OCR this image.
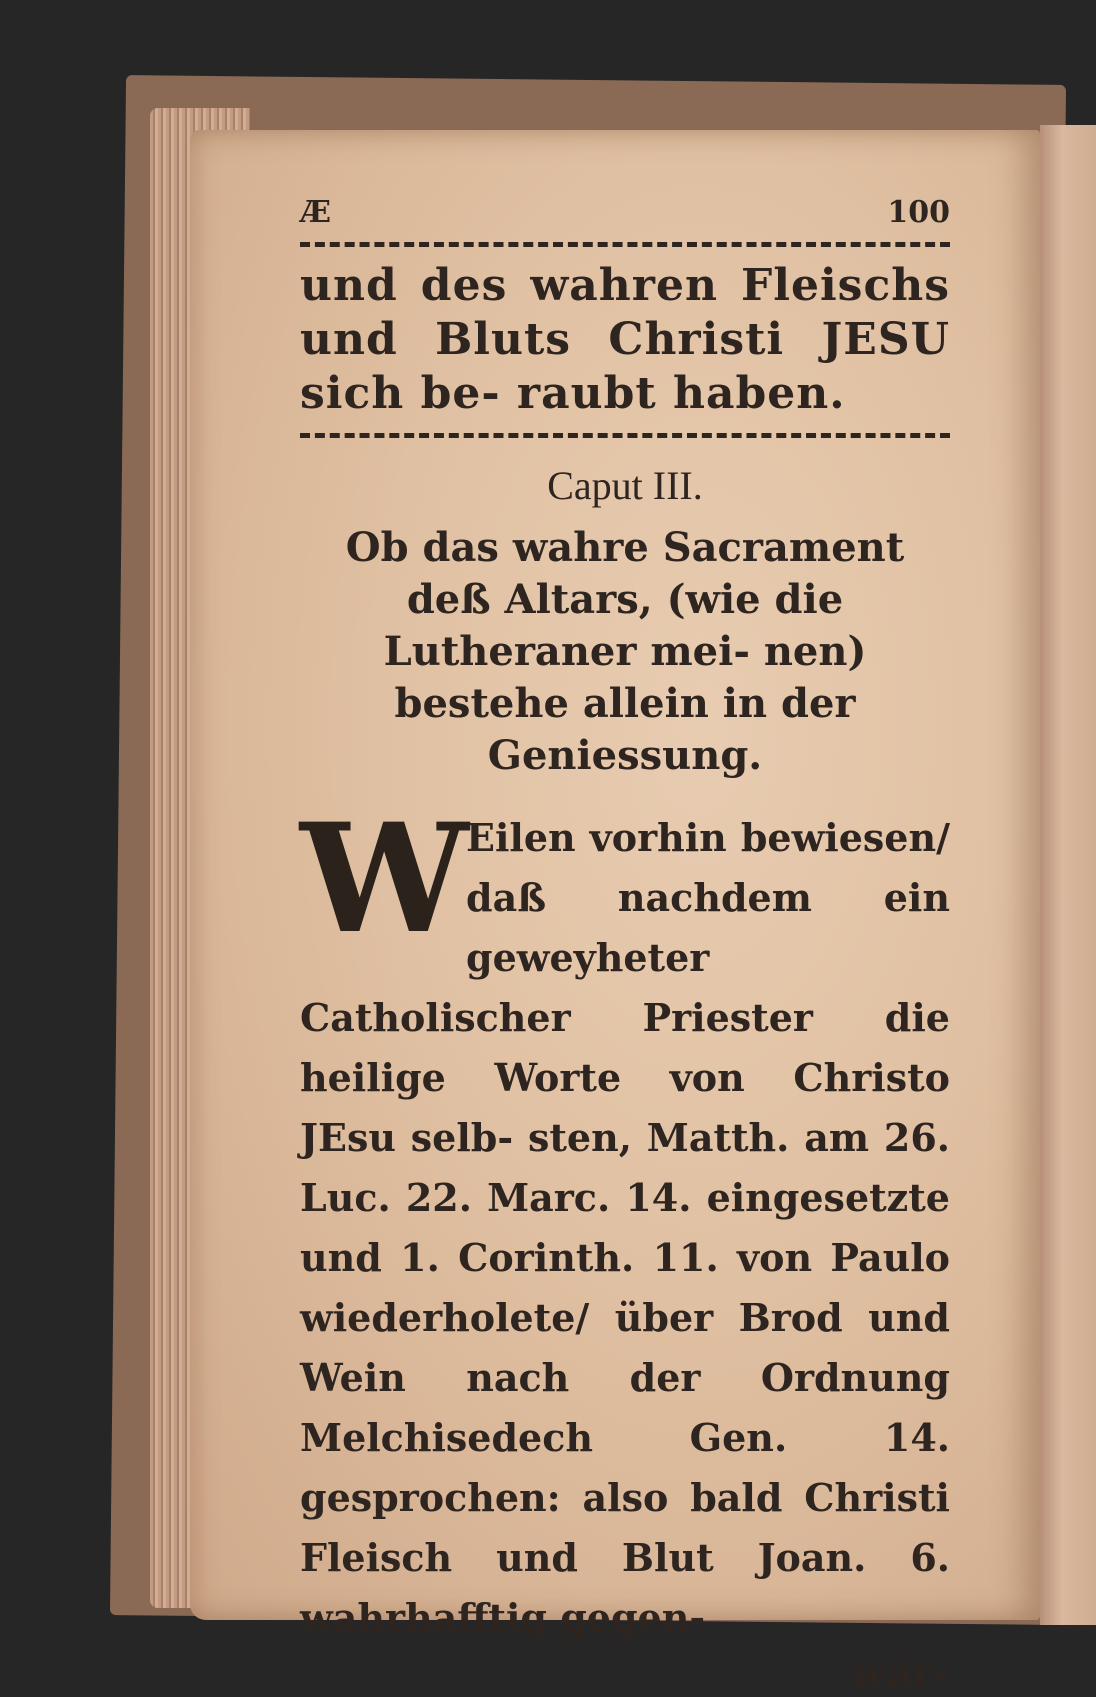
Æ	100
und des wahren Fleischs und Bluts Christi JESU sich be- raubt haben.
Caput III.
Ob das wahre Sacrament deß Altars, (wie die Lutheraner mei- nen) bestehe allein in der Geniessung.
W
Eilen vorhin bewiesen/ daß nachdem ein geweyheter Catholischer Priester die heilige Worte von Christo JEsu selb- sten, Matth. am 26. Luc. 22. Marc. 14. eingesetzte und 1. Corinth. 11. von Paulo wiederholete/ über Brod und Wein nach der Ordnung Melchisedech Gen. 14. gesprochen: also bald Christi Fleisch und Blut Joan. 6. wahrhafftig gegen-
wär-
